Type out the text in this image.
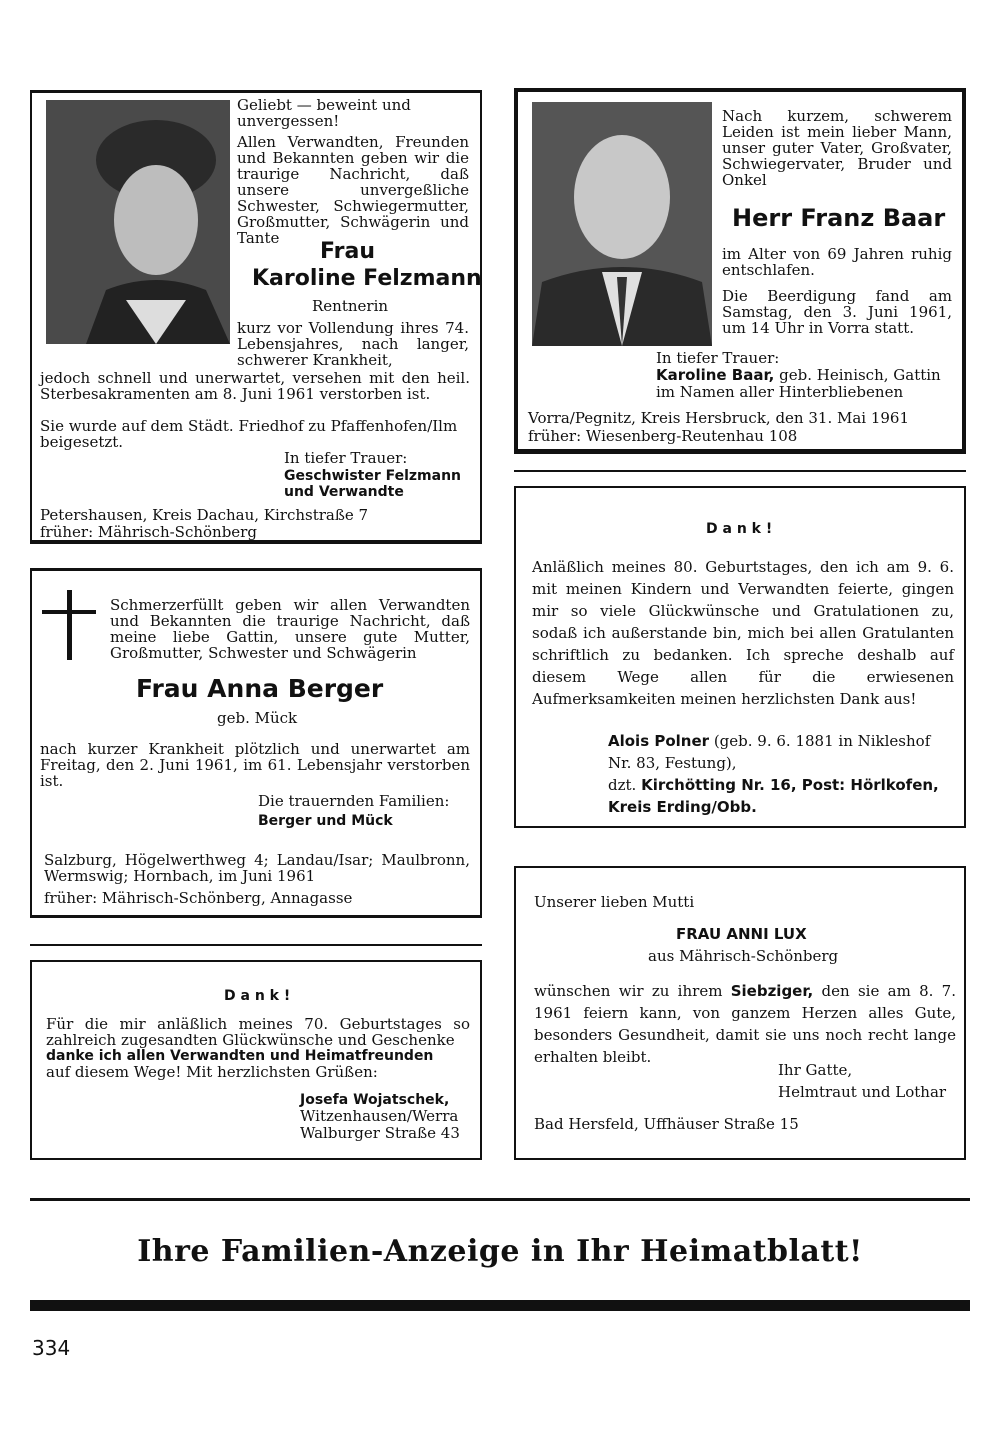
Geliebt — beweint und unvergessen!

Allen Verwandten, Freunden und Bekannten geben wir die traurige Nachricht, daß unsere unvergeßliche Schwester, Schwiegermutter, Großmutter, Schwägerin und Tante

Frau

Karoline Felzmann

Rentnerin

kurz vor Vollendung ihres 74. Lebensjahres, nach langer, schwerer Krankheit,

jedoch schnell und unerwartet, versehen mit den heil. Sterbesakramenten am 8. Juni 1961 verstorben ist.

Sie wurde auf dem Städt. Friedhof zu Pfaffenhofen/Ilm beigesetzt.

In tiefer Trauer:

Geschwister Felzmann und Verwandte

Petershausen, Kreis Dachau, Kirchstraße 7

früher: Mährisch-Schönberg

Nach kurzem, schwerem Leiden ist mein lieber Mann, unser guter Vater, Großvater, Schwiegervater, Bruder und Onkel

Herr Franz Baar

im Alter von 69 Jahren ruhig entschlafen.

Die Beerdigung fand am Samstag, den 3. Juni 1961, um 14 Uhr in Vorra statt.

In tiefer Trauer:

Karoline Baar, geb. Heinisch, Gattin

im Namen aller Hinterbliebenen

Vorra/Pegnitz, Kreis Hersbruck, den 31. Mai 1961

früher: Wiesenberg-Reutenhau 108

Schmerzerfüllt geben wir allen Verwandten und Bekannten die traurige Nachricht, daß meine liebe Gattin, unsere gute Mutter, Großmutter, Schwester und Schwägerin

Frau Anna Berger

geb. Mück

nach kurzer Krankheit plötzlich und unerwartet am Freitag, den 2. Juni 1961, im 61. Lebensjahr verstorben ist.

Die trauernden Familien:

Berger und Mück

Salzburg, Högelwerthweg 4; Landau/Isar; Maulbronn, Wermswig; Hornbach, im Juni 1961

früher: Mährisch-Schönberg, Annagasse

D a n k !

Anläßlich meines 80. Geburtstages, den ich am 9. 6. mit meinen Kindern und Verwandten feierte, gingen mir so viele Glückwünsche und Gratulationen zu, sodaß ich außerstande bin, mich bei allen Gratulanten schriftlich zu bedanken. Ich spreche deshalb auf diesem Wege allen für die erwiesenen Aufmerksamkeiten meinen herzlichsten Dank aus!

Alois Polner (geb. 9. 6. 1881 in Nikleshof Nr. 83, Festung),
dzt. Kirchötting Nr. 16, Post: Hörlkofen, Kreis Erding/Obb.

Unserer lieben Mutti

FRAU ANNI LUX

aus Mährisch-Schönberg

wünschen wir zu ihrem Siebziger, den sie am 8. 7. 1961 feiern kann, von ganzem Herzen alles Gute, besonders Gesundheit, damit sie uns noch recht lange erhalten bleibt.

Ihr Gatte,

Helmtraut und Lothar

Bad Hersfeld, Uffhäuser Straße 15

D a n k !

Für die mir anläßlich meines 70. Geburtstages so zahlreich zugesandten Glückwünsche und Geschenke

danke ich allen Verwandten und Heimatfreunden

auf diesem Wege! Mit herzlichsten Grüßen:

Josefa Wojatschek,

Witzenhausen/Werra

Walburger Straße 43

Ihre Familien-Anzeige in Ihr Heimatblatt!

334
